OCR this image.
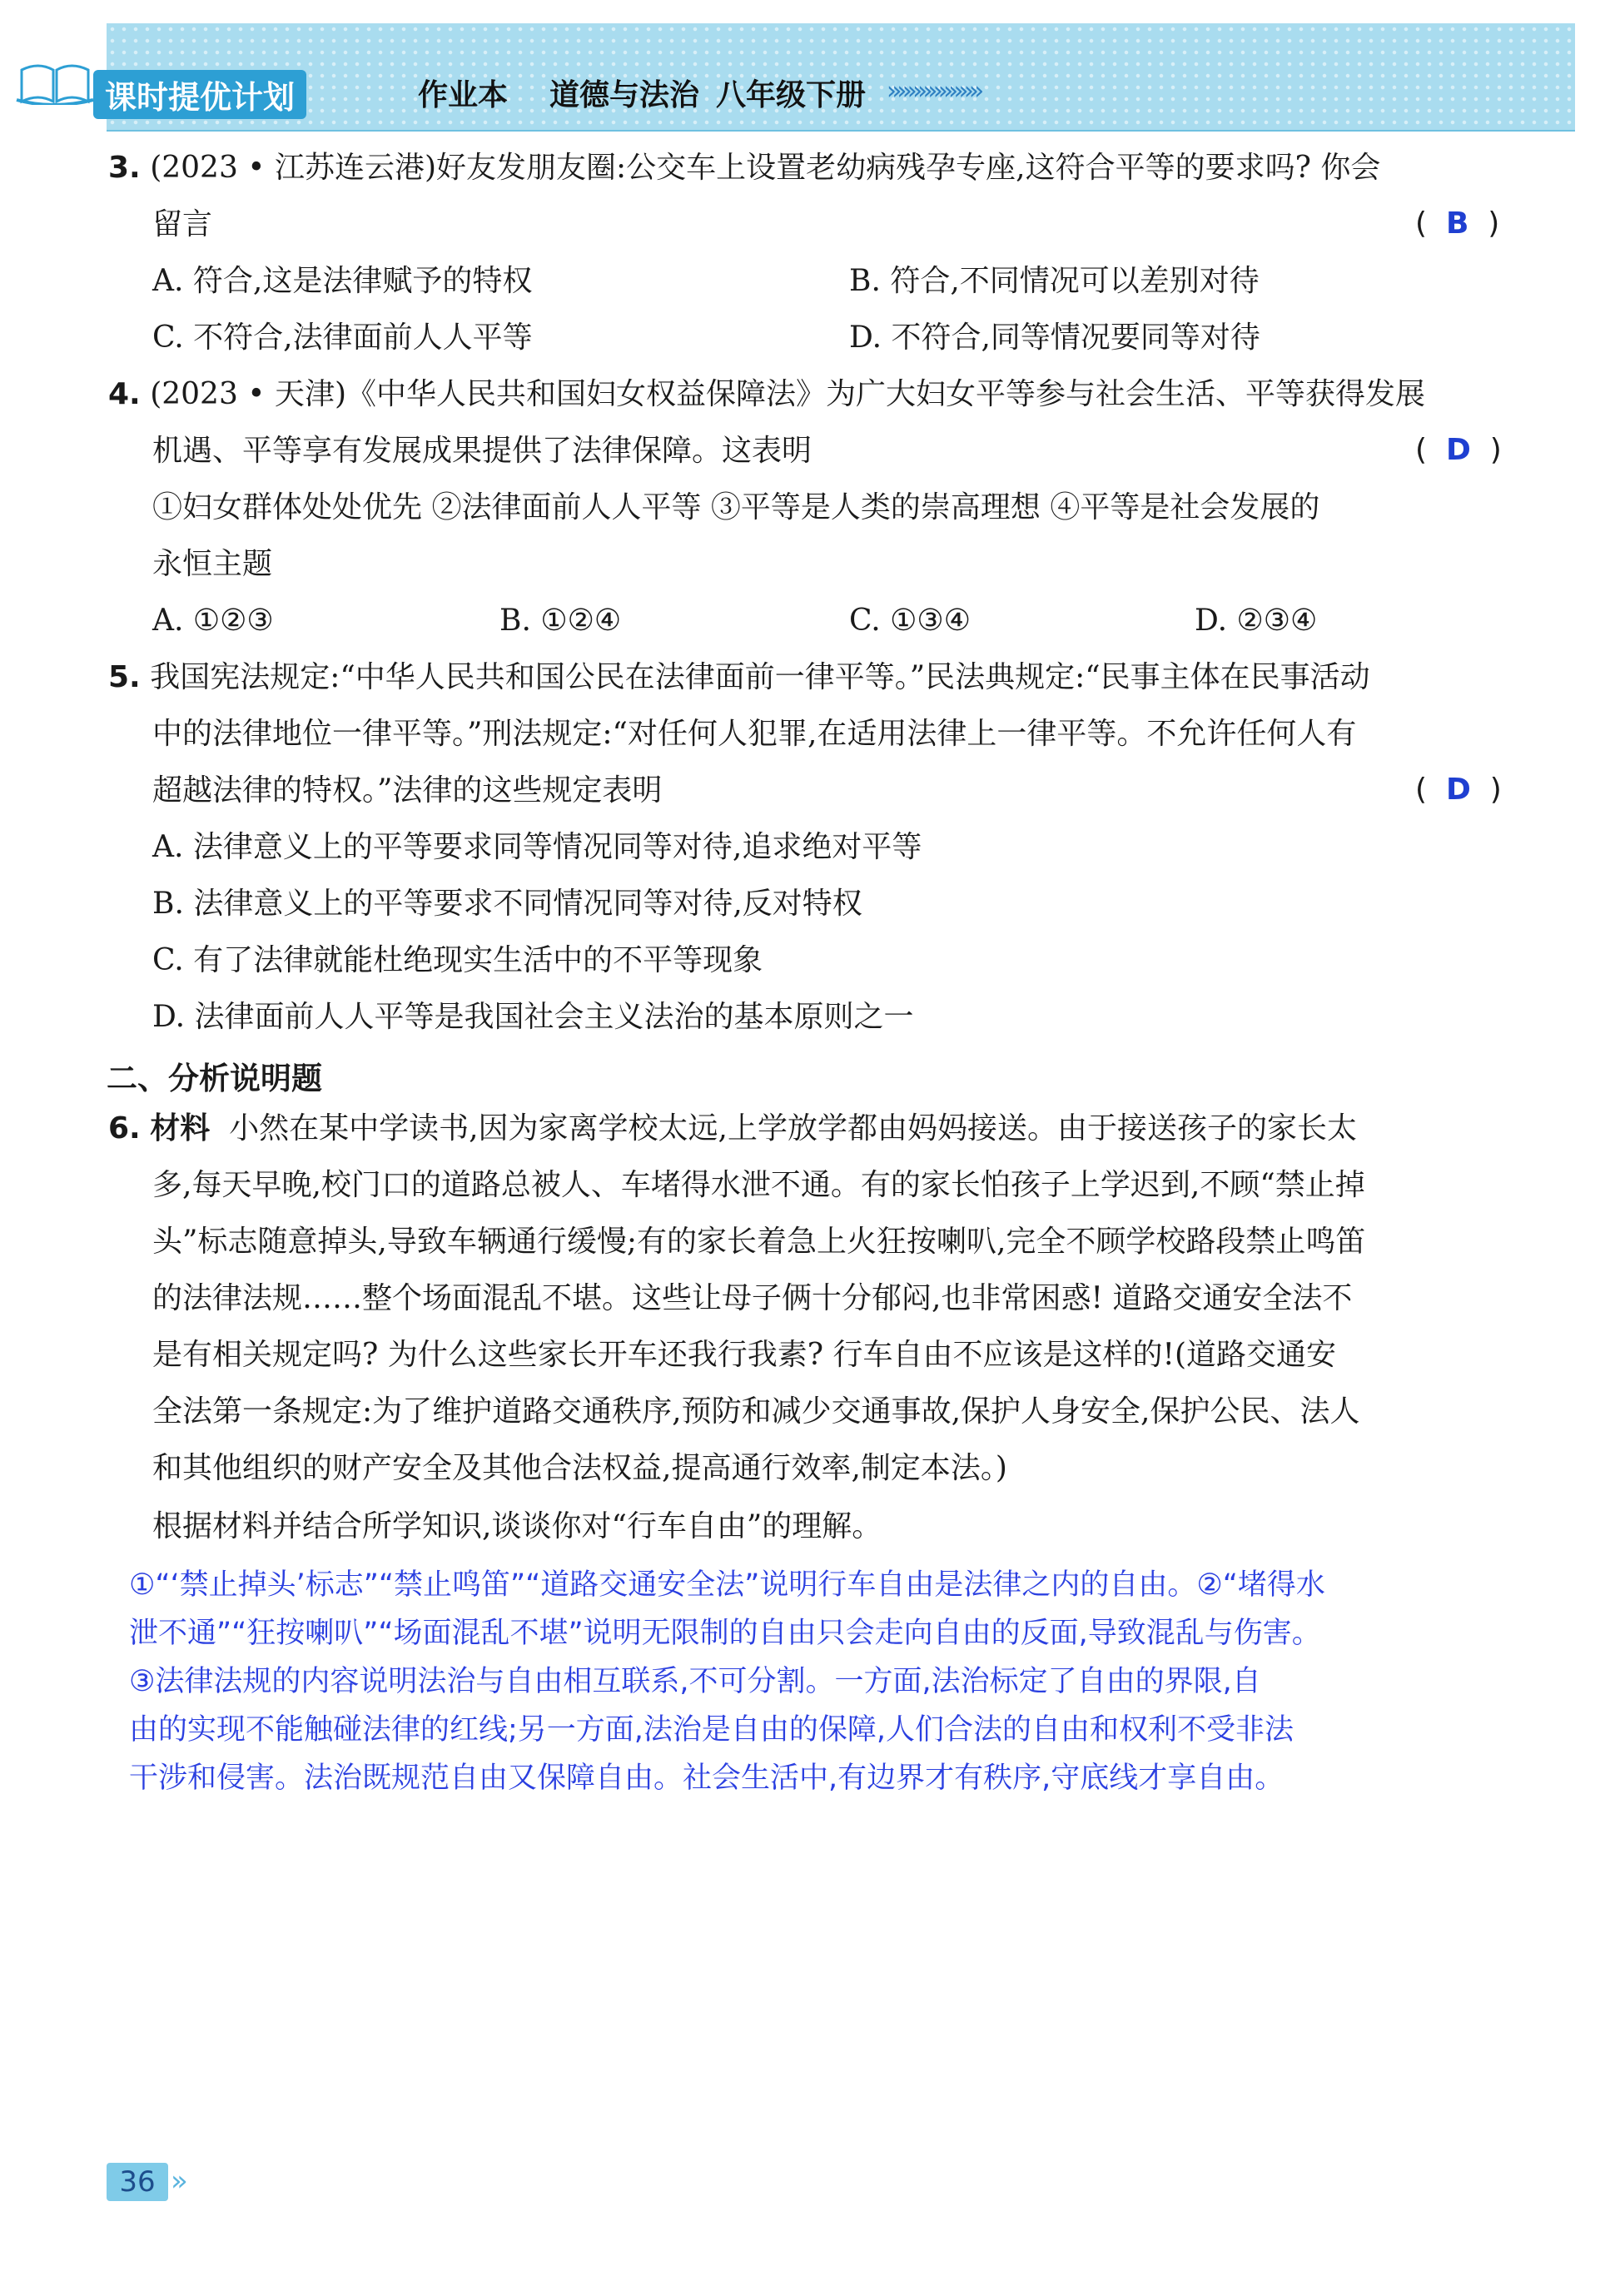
课时提优计划	作业本 道德与法治 八年级下册 »»»»»»»»»
3. (2023 • 江苏连云港)好友发朋友圈:公交车上设置老幼病残孕专座,这符合平等的要求吗? 你会
留言	(  B  )
A. 符合,这是法律赋予的特权	B. 符合,不同情况可以差别对待
C. 不符合,法律面前人人平等	D. 不符合,同等情况要同等对待
4. (2023 • 天津)《中华人民共和国妇女权益保障法》为广大妇女平等参与社会生活、平等获得发展
机遇、平等享有发展成果提供了法律保障。这表明	(  D  )
①妇女群体处处优先 ②法律面前人人平等 ③平等是人类的崇高理想 ④平等是社会发展的
永恒主题
A. ①②③	B. ①②④	C. ①③④	D. ②③④
5. 我国宪法规定:“中华人民共和国公民在法律面前一律平等。”民法典规定:“民事主体在民事活动
中的法律地位一律平等。”刑法规定:“对任何人犯罪,在适用法律上一律平等。不允许任何人有
超越法律的特权。”法律的这些规定表明	(  D  )
A. 法律意义上的平等要求同等情况同等对待,追求绝对平等
B. 法律意义上的平等要求不同情况同等对待,反对特权
C. 有了法律就能杜绝现实生活中的不平等现象
D. 法律面前人人平等是我国社会主义法治的基本原则之一
二、分析说明题
6. 材料 小然在某中学读书,因为家离学校太远,上学放学都由妈妈接送。由于接送孩子的家长太
多,每天早晚,校门口的道路总被人、车堵得水泄不通。有的家长怕孩子上学迟到,不顾“禁止掉
头”标志随意掉头,导致车辆通行缓慢;有的家长着急上火狂按喇叭,完全不顾学校路段禁止鸣笛
的法律法规……整个场面混乱不堪。这些让母子俩十分郁闷,也非常困惑! 道路交通安全法不
是有相关规定吗? 为什么这些家长开车还我行我素? 行车自由不应该是这样的!(道路交通安
全法第一条规定:为了维护道路交通秩序,预防和减少交通事故,保护人身安全,保护公民、法人
和其他组织的财产安全及其他合法权益,提高通行效率,制定本法。)
根据材料并结合所学知识,谈谈你对“行车自由”的理解。
①“‘禁止掉头’标志”“禁止鸣笛”“道路交通安全法”说明行车自由是法律之内的自由。②“堵得水
泄不通”“狂按喇叭”“场面混乱不堪”说明无限制的自由只会走向自由的反面,导致混乱与伤害。
③法律法规的内容说明法治与自由相互联系,不可分割。一方面,法治标定了自由的界限,自
由的实现不能触碰法律的红线;另一方面,法治是自由的保障,人们合法的自由和权利不受非法
干涉和侵害。法治既规范自由又保障自由。社会生活中,有边界才有秩序,守底线才享自由。
36 »
